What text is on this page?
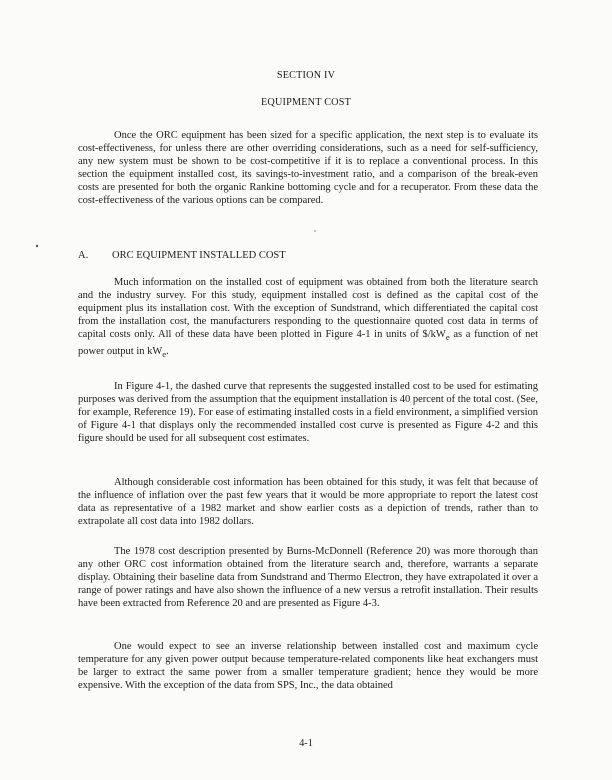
SECTION IV
EQUIPMENT COST

Once the ORC equipment has been sized for a specific application, the next step is to evaluate its cost-effectiveness, for unless there are other overriding considerations, such as a need for self-sufficiency, any new system must be shown to be cost-competitive if it is to replace a conventional process. In this section the equipment installed cost, its savings-to-investment ratio, and a comparison of the break-even costs are presented for both the organic Rankine bottoming cycle and for a recuperator. From these data the cost-effectiveness of the various options can be compared.

A. ORC EQUIPMENT INSTALLED COST

Much information on the installed cost of equipment was obtained from both the literature search and the industry survey. For this study, equipment installed cost is defined as the capital cost of the equipment plus its installation cost. With the exception of Sundstrand, which differentiated the capital cost from the installation cost, the manufacturers responding to the questionnaire quoted cost data in terms of capital costs only. All of these data have been plotted in Figure 4-1 in units of $\$/kW_e$ as a function of net power output in $kW_e$.

In Figure 4-1, the dashed curve that represents the suggested installed cost to be used for estimating purposes was derived from the assumption that the equipment installation is 40 percent of the total cost. (See, for example, Reference 19). For ease of estimating installed costs in a field environment, a simplified version of Figure 4-1 that displays only the recommended installed cost curve is presented as Figure 4-2 and this figure should be used for all subsequent cost estimates.

Although considerable cost information has been obtained for this study, it was felt that because of the influence of inflation over the past few years that it would be more appropriate to report the latest cost data as representative of a 1982 market and show earlier costs as a depiction of trends, rather than to extrapolate all cost data into 1982 dollars.

The 1978 cost description presented by Burns-McDonnell (Reference 20) was more thorough than any other ORC cost information obtained from the literature search and, therefore, warrants a separate display. Obtaining their baseline data from Sundstrand and Thermo Electron, they have extrapolated it over a range of power ratings and have also shown the influence of a new versus a retrofit installation. Their results have been extracted from Reference 20 and are presented as Figure 4-3.

One would expect to see an inverse relationship between installed cost and maximum cycle temperature for any given power output because temperature-related components like heat exchangers must be larger to extract the same power from a smaller temperature gradient; hence they would be more expensive. With the exception of the data from SPS, Inc., the data obtained

4-1
